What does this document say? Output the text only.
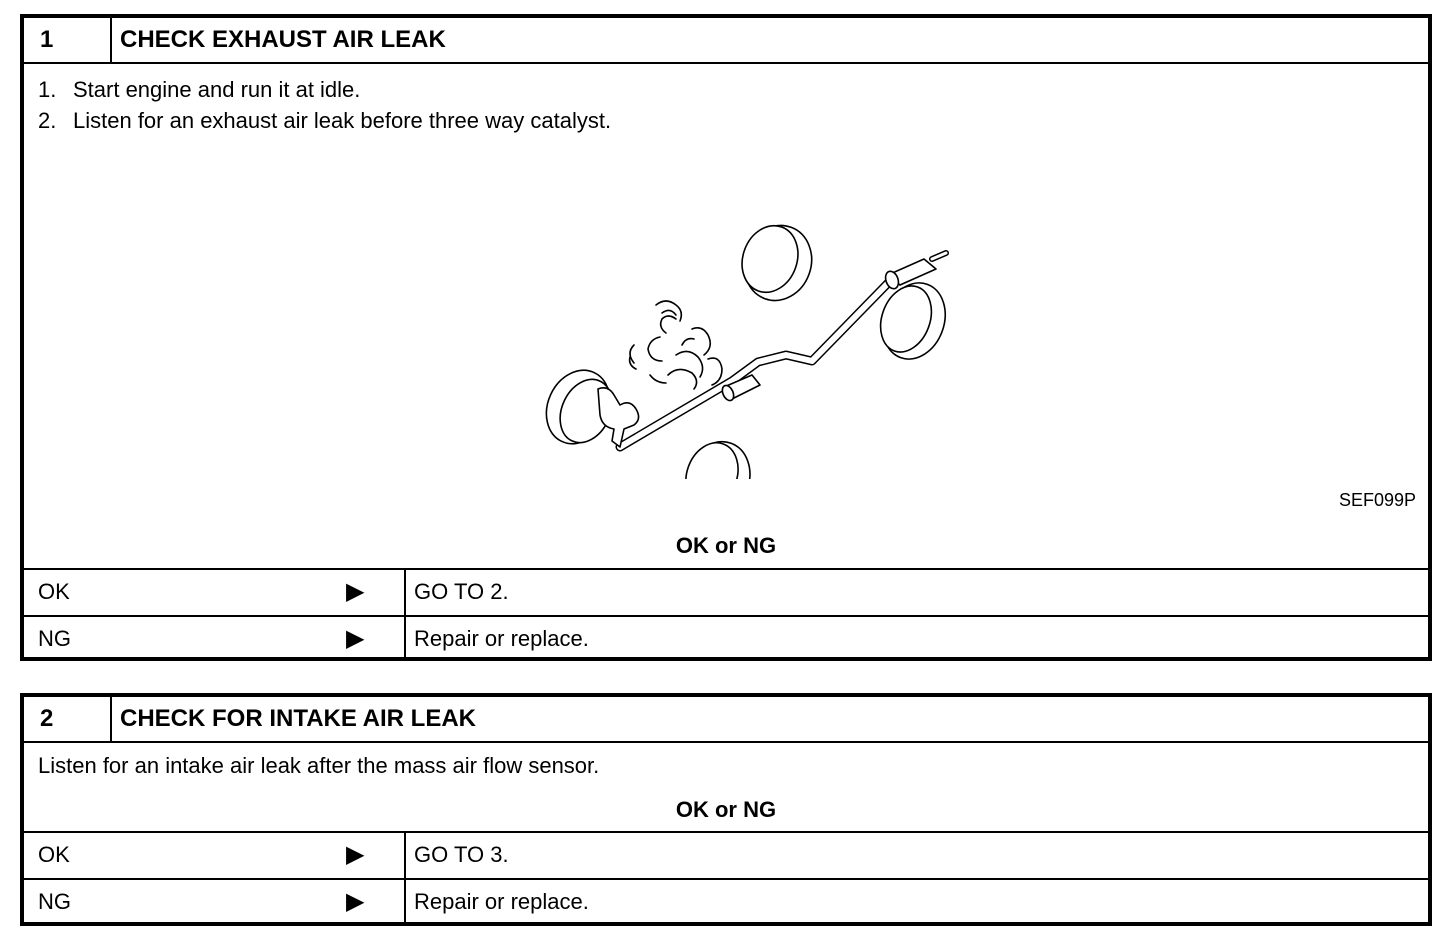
1	CHECK EXHAUST AIR LEAK
1. Start engine and run it at idle.
2. Listen for an exhaust air leak before three way catalyst.
SEF099P
OK or NG
OK	▶ GO TO 2.
NG	▶ Repair or replace.
2	CHECK FOR INTAKE AIR LEAK
Listen for an intake air leak after the mass air flow sensor.
OK or NG
OK	▶ GO TO 3.
NG	▶ Repair or replace.
